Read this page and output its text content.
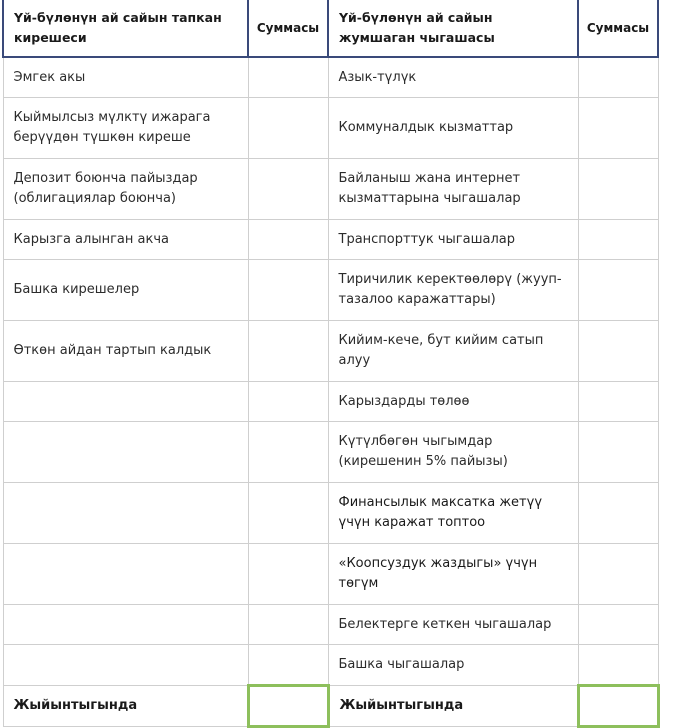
Үй-бүлөнүн ай сайын тапкан кирешеси	Суммасы	Үй-бүлөнүн ай сайын жумшаган чыгашасы	Суммасы
Эмгек акы		Азык-түлүк	
Кыймылсыз мүлктү ижарага берүүдөн түшкөн киреше		Коммуналдык кызматтар	
Депозит боюнча пайыздар (облигациялар боюнча)		Байланыш жана интернет кызматтарына чыгашалар	
Карызга алынган акча		Транспорттук чыгашалар	
Башка кирешелер		Тиричилик керектөөлөрү (жууп-тазалоо каражаттары)	
Өткөн айдан тартып калдык		Кийим-кече, бут кийим сатып алуу	
		Карыздарды төлөө	
		Күтүлбөгөн чыгымдар (кирешенин 5% пайызы)	
		Финансылык максатка жетүү үчүн каражат топтоо	
		«Коопсуздук жаздыгы» үчүн төгүм	
		Белектерге кеткен чыгашалар	
		Башка чыгашалар	
Жыйынтыгында		Жыйынтыгында	
